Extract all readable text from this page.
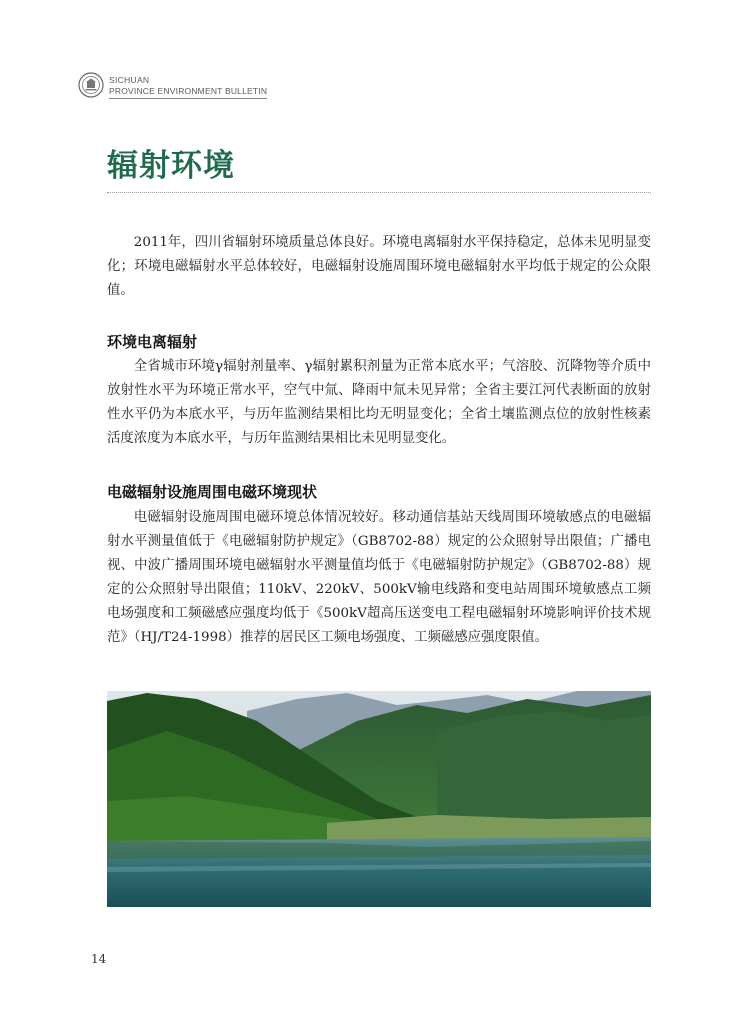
SICHUAN
PROVINCE ENVIRONMENT BULLETIN
辐射环境

2011年，四川省辐射环境质量总体良好。环境电离辐射水平保持稳定，总体未见明显变化；环境电磁辐射水平总体较好，电磁辐射设施周围环境电磁辐射水平均低于规定的公众限值。

环境电离辐射

全省城市环境γ辐射剂量率、γ辐射累积剂量为正常本底水平；气溶胶、沉降物等介质中放射性水平为环境正常水平，空气中氚、降雨中氚未见异常；全省主要江河代表断面的放射性水平仍为本底水平，与历年监测结果相比均无明显变化；全省土壤监测点位的放射性核素活度浓度为本底水平，与历年监测结果相比未见明显变化。

电磁辐射设施周围电磁环境现状

电磁辐射设施周围电磁环境总体情况较好。移动通信基站天线周围环境敏感点的电磁辐射水平测量值低于《电磁辐射防护规定》（GB8702-88）规定的公众照射导出限值；广播电视、中波广播周围环境电磁辐射水平测量值均低于《电磁辐射防护规定》（GB8702-88）规定的公众照射导出限值；110kV、220kV、500kV输电线路和变电站周围环境敏感点工频电场强度和工频磁感应强度均低于《500kV超高压送变电工程电磁辐射环境影响评价技术规范》（HJ/T24-1998）推荐的居民区工频电场强度、工频磁感应强度限值。

14
